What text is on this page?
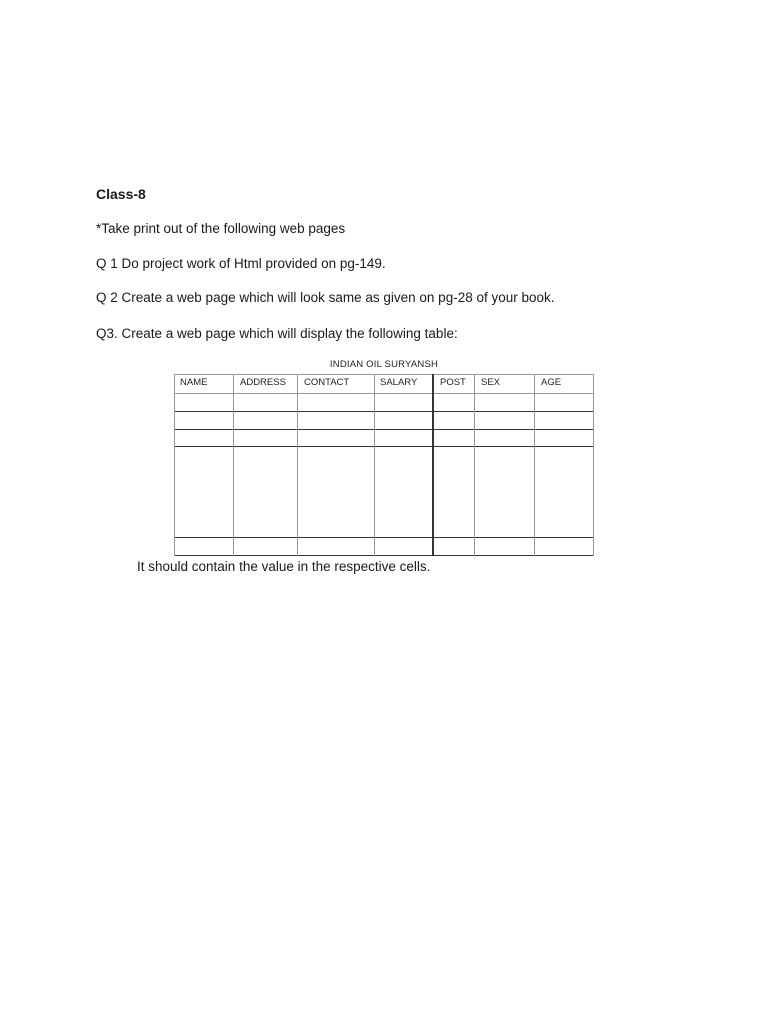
Class-8
*Take print out of the following web pages
Q 1 Do project work of Html provided on pg-149.
Q 2 Create a web page which will look same as given on pg-28 of your book.
Q3. Create a web page which will display the following table:
INDIAN OIL SURYANSH
NAME	ADDRESS CONTACT	SALARY POST SEX	AGE
It should contain the value in the respective cells.
